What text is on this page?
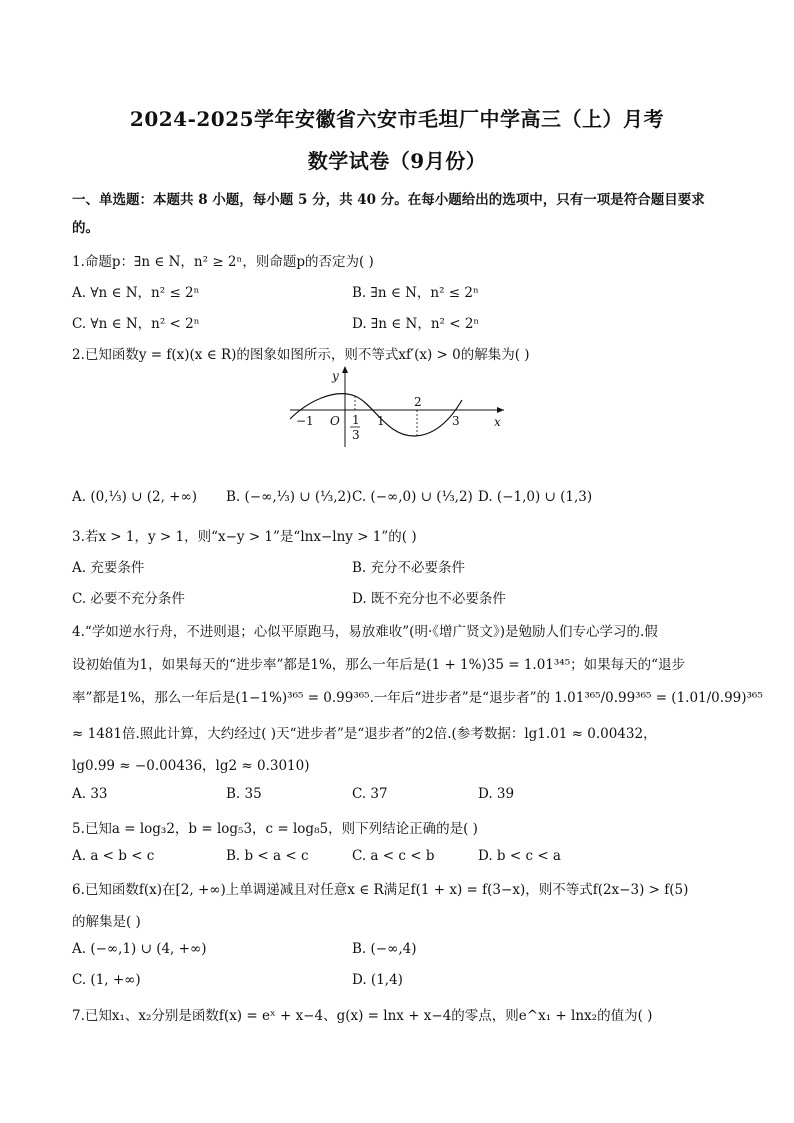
2024-2025学年安徽省六安市毛坦厂中学高三（上）月考
数学试卷（9月份）
一、单选题：本题共 8 小题，每小题 5 分，共 40 分。在每小题给出的选项中，只有一项是符合题目要求
的。
1.命题p：∃n ∈ N，n² ≥ 2ⁿ，则命题p的否定为( )
A. ∀n ∈ N，n² ≤ 2ⁿ	B. ∃n ∈ N，n² ≤ 2ⁿ
C. ∀n ∈ N，n² < 2ⁿ	D. ∃n ∈ N，n² < 2ⁿ
2.已知函数y = f(x)(x ∈ R)的图象如图所示，则不等式xf′(x) > 0的解集为( )
y
x
O
−1	1
2
3
1
3
A. (0,⅓) ∪ (2, +∞) B. (−∞,⅓) ∪ (⅓,2) C. (−∞,0) ∪ (⅓,2) D. (−1,0) ∪ (1,3)
3.若x > 1，y > 1，则“x−y > 1”是“lnx−lny > 1”的( )
A. 充要条件	B. 充分不必要条件
C. 必要不充分条件	D. 既不充分也不必要条件
4.“学如逆水行舟，不进则退；心似平原跑马，易放难收”(明·《增广贤文》)是勉励人们专心学习的.假
设初始值为1，如果每天的“进步率”都是1%，那么一年后是(1 + 1%)35 = 1.01³⁴⁵；如果每天的“退步
率”都是1%，那么一年后是(1−1%)³⁶⁵ = 0.99³⁶⁵.一年后“进步者”是“退步者”的 1.01³⁶⁵/0.99³⁶⁵ = (1.01/0.99)³⁶⁵
≈ 1481倍.照此计算，大约经过( )天“进步者”是“退步者”的2倍.(参考数据：lg1.01 ≈ 0.00432，
lg0.99 ≈ −0.00436，lg2 ≈ 0.3010)
A. 33	B. 35	C. 37	D. 39
5.已知a = log₃2，b = log₅3，c = log₈5，则下列结论正确的是( )
A. a < b < c	B. b < a < c	C. a < c < b	D. b < c < a
6.已知函数f(x)在[2, +∞)上单调递减且对任意x ∈ R满足f(1 + x) = f(3−x)，则不等式f(2x−3) > f(5)
的解集是( )
A. (−∞,1) ∪ (4, +∞)	B. (−∞,4)
C. (1, +∞)	D. (1,4)
7.已知x₁、x₂分别是函数f(x) = eˣ + x−4、g(x) = lnx + x−4的零点，则e^x₁ + lnx₂的值为( )
